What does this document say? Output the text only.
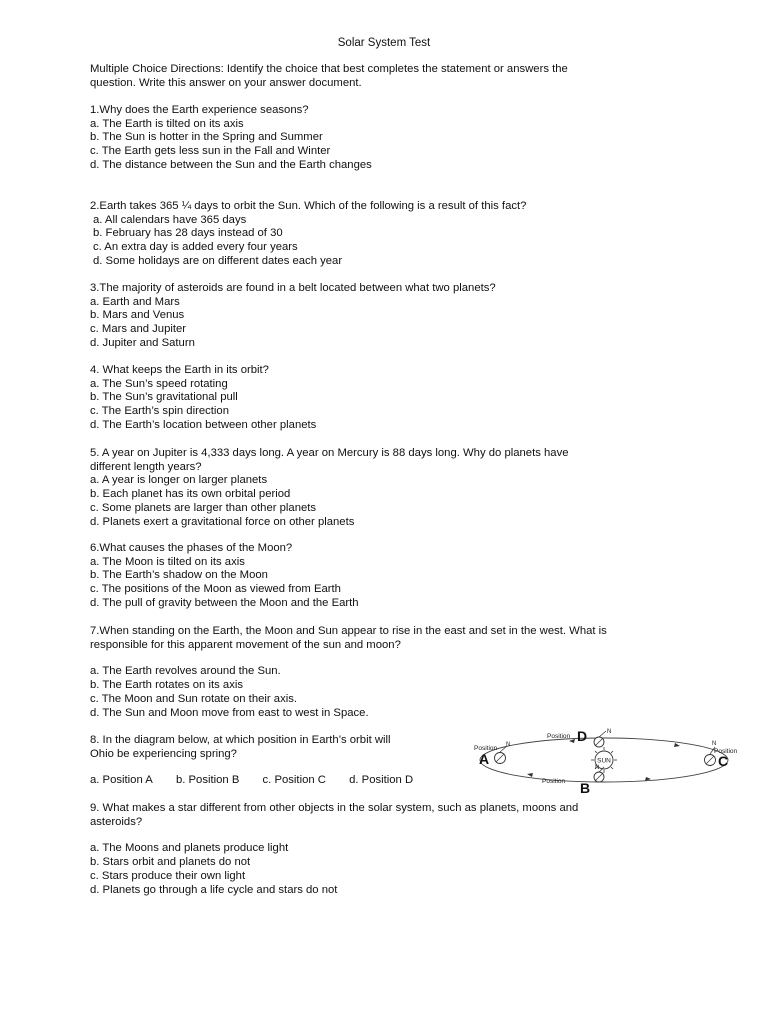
Solar System Test
Multiple Choice Directions: Identify the choice that best completes the statement or answers the
question. Write this answer on your answer document.
1.Why does the Earth experience seasons?
a. The Earth is tilted on its axis
b. The Sun is hotter in the Spring and Summer
c. The Earth gets less sun in the Fall and Winter
d. The distance between the Sun and the Earth changes
2.Earth takes 365 ¼ days to orbit the Sun. Which of the following is a result of this fact?
a. All calendars have 365 days
b. February has 28 days instead of 30
c. An extra day is added every four years
d. Some holidays are on different dates each year
3.The majority of asteroids are found in a belt located between what two planets?
a. Earth and Mars
b. Mars and Venus
c. Mars and Jupiter
d. Jupiter and Saturn
4. What keeps the Earth in its orbit?
a. The Sun’s speed rotating
b. The Sun’s gravitational pull
c. The Earth’s spin direction
d. The Earth’s location between other planets
5. A year on Jupiter is 4,333 days long. A year on Mercury is 88 days long. Why do planets have
different length years?
a. A year is longer on larger planets
b. Each planet has its own orbital period
c. Some planets are larger than other planets
d. Planets exert a gravitational force on other planets
6.What causes the phases of the Moon?
a. The Moon is tilted on its axis
b. The Earth’s shadow on the Moon
c. The positions of the Moon as viewed from Earth
d. The pull of gravity between the Moon and the Earth
7.When standing on the Earth, the Moon and Sun appear to rise in the east and set in the west. What is
responsible for this apparent movement of the sun and moon?
a. The Earth revolves around the Sun.
b. The Earth rotates on its axis
c. The Moon and Sun rotate on their axis.
d. The Sun and Moon move from east to west in Space.
8. In the diagram below, at which position in Earth’s orbit will
Ohio be experiencing spring?
a. Position A b. Position B c. Position C d. Position D
SUN
N
Position
A
N
Position D
N
Position B
N
Position
C
9. What makes a star different from other objects in the solar system, such as planets, moons and
asteroids?
a. The Moons and planets produce light
b. Stars orbit and planets do not
c. Stars produce their own light
d. Planets go through a life cycle and stars do not
